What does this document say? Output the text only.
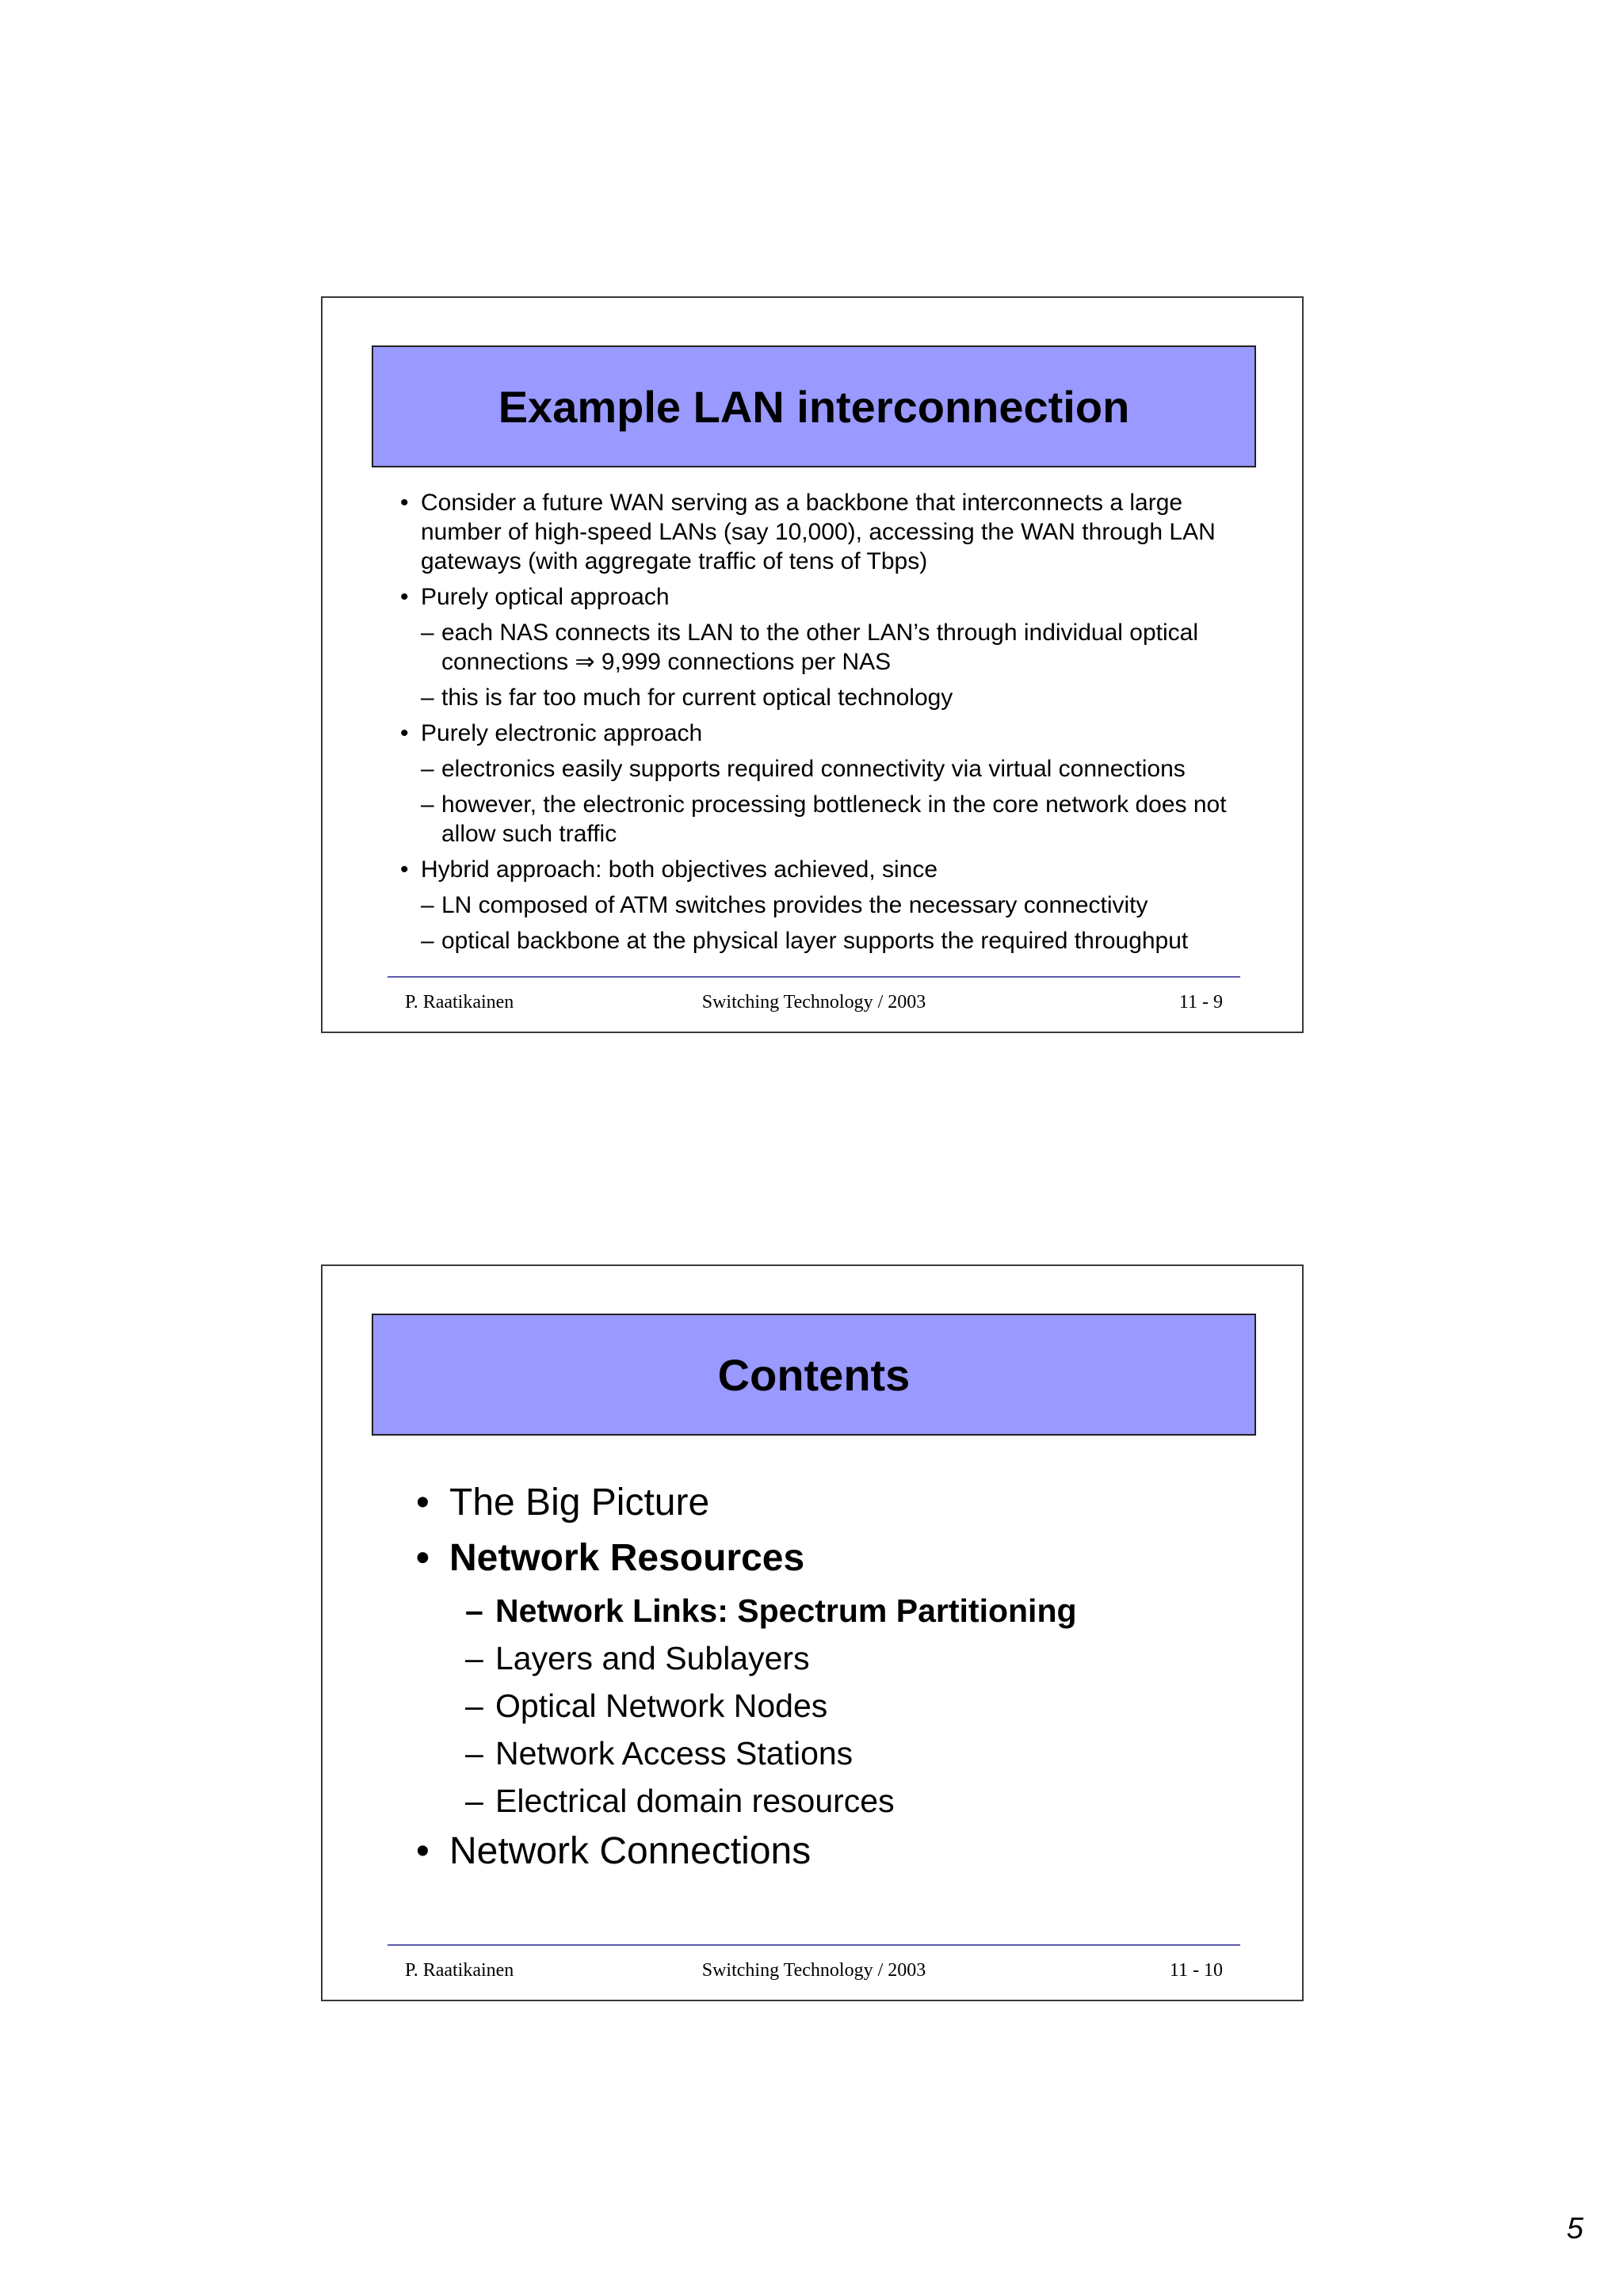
Example LAN interconnection
• Consider a future WAN serving as a backbone that interconnects a large number of high-speed LANs (say 10,000), accessing the WAN through LAN gateways (with aggregate traffic of tens of Tbps)
• Purely optical approach
– each NAS connects its LAN to the other LAN’s through individual optical connections ⇒ 9,999 connections per NAS
– this is far too much for current optical technology
• Purely electronic approach
– electronics easily supports required connectivity via virtual connections
– however, the electronic processing bottleneck in the core network does not allow such traffic
• Hybrid approach: both objectives achieved, since
– LN composed of ATM switches provides the necessary connectivity
– optical backbone at the physical layer supports the required throughput
P. Raatikainen	Switching Technology / 2003	11 - 9
Contents
• The Big Picture
• Network Resources
– Network Links: Spectrum Partitioning
– Layers and Sublayers
– Optical Network Nodes
– Network Access Stations
– Electrical domain resources
• Network Connections
P. Raatikainen	Switching Technology / 2003	11 - 10
5
